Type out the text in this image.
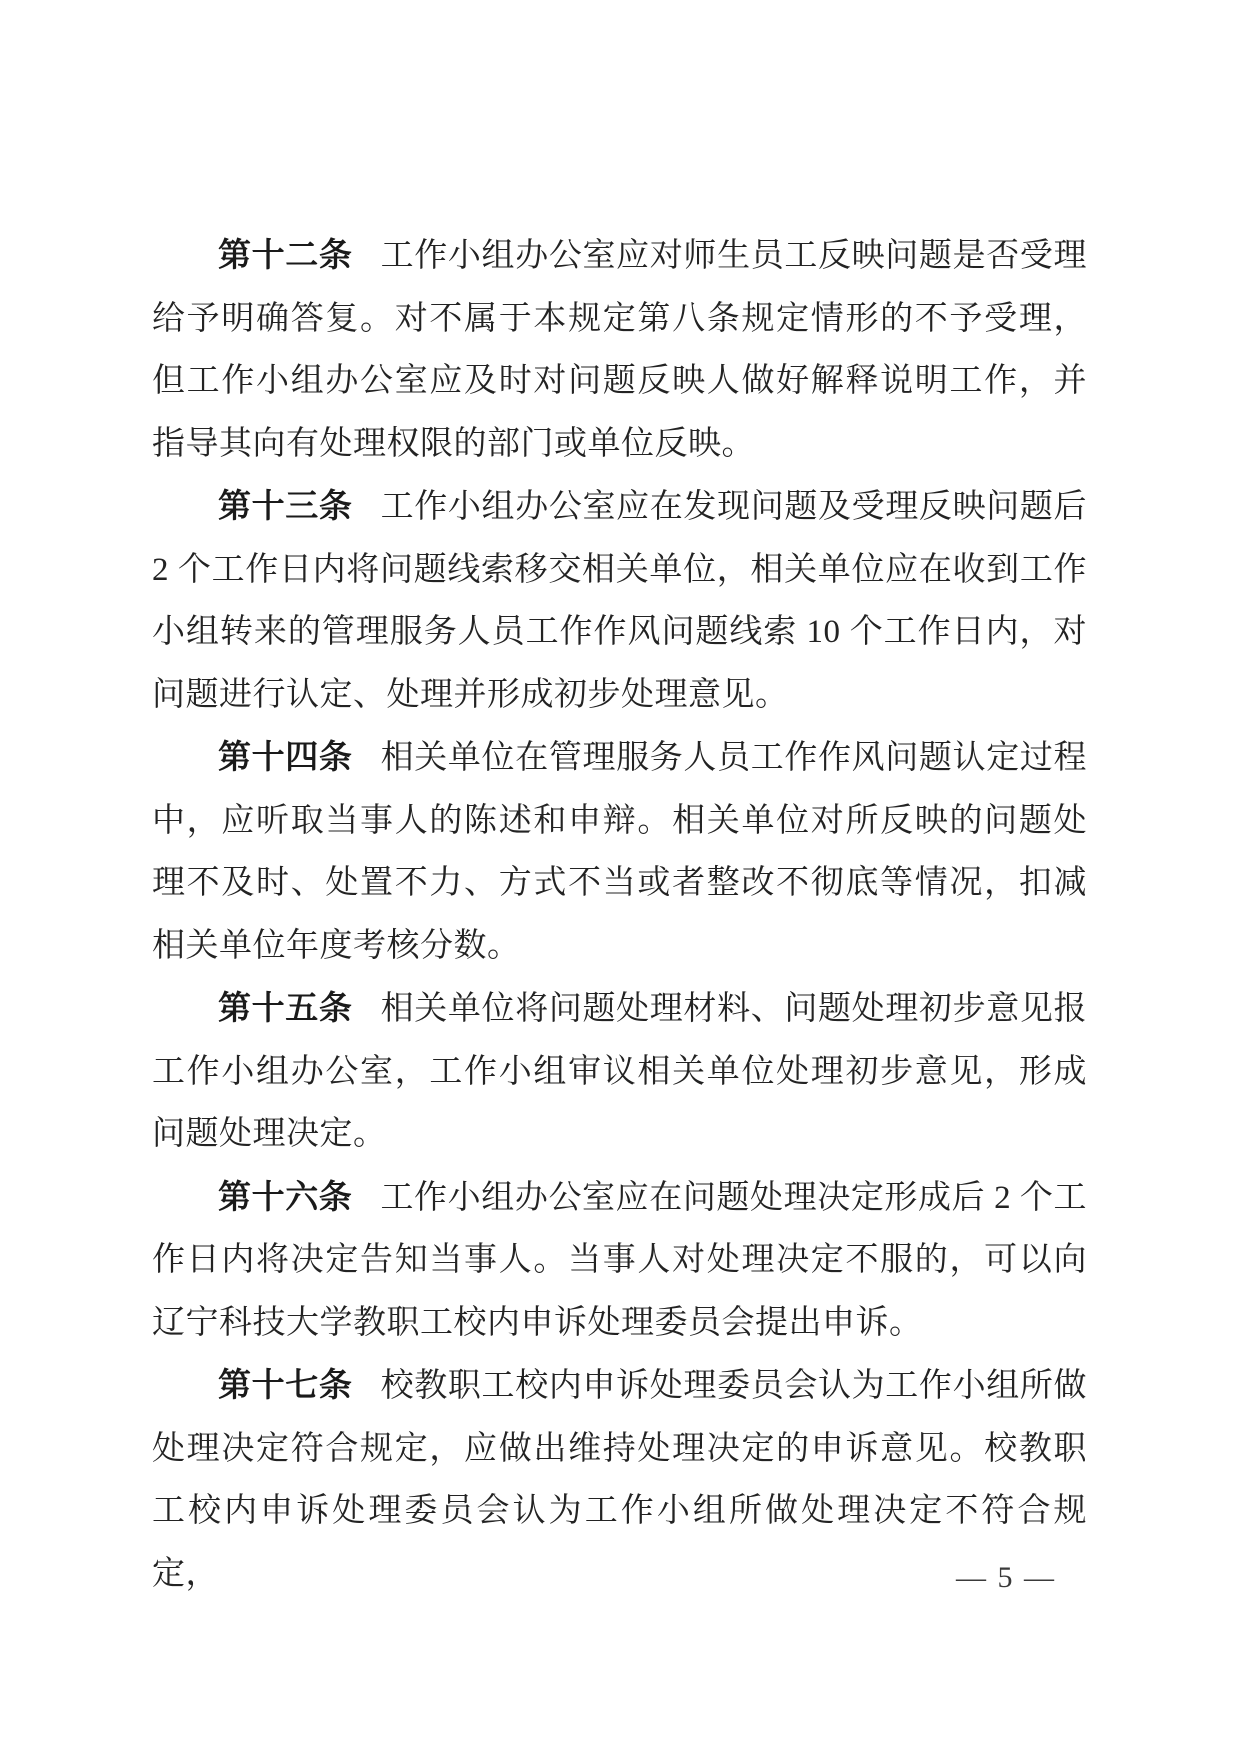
第十二条 工作小组办公室应对师生员工反映问题是否受理给予明确答复。对不属于本规定第八条规定情形的不予受理，但工作小组办公室应及时对问题反映人做好解释说明工作，并指导其向有处理权限的部门或单位反映。

第十三条 工作小组办公室应在发现问题及受理反映问题后 2 个工作日内将问题线索移交相关单位，相关单位应在收到工作小组转来的管理服务人员工作作风问题线索 10 个工作日内，对问题进行认定、处理并形成初步处理意见。

第十四条 相关单位在管理服务人员工作作风问题认定过程中，应听取当事人的陈述和申辩。相关单位对所反映的问题处理不及时、处置不力、方式不当或者整改不彻底等情况，扣减相关单位年度考核分数。

第十五条 相关单位将问题处理材料、问题处理初步意见报工作小组办公室，工作小组审议相关单位处理初步意见，形成问题处理决定。

第十六条 工作小组办公室应在问题处理决定形成后 2 个工作日内将决定告知当事人。当事人对处理决定不服的，可以向辽宁科技大学教职工校内申诉处理委员会提出申诉。

第十七条 校教职工校内申诉处理委员会认为工作小组所做处理决定符合规定，应做出维持处理决定的申诉意见。校教职工校内申诉处理委员会认为工作小组所做处理决定不符合规定，	— 5 —
